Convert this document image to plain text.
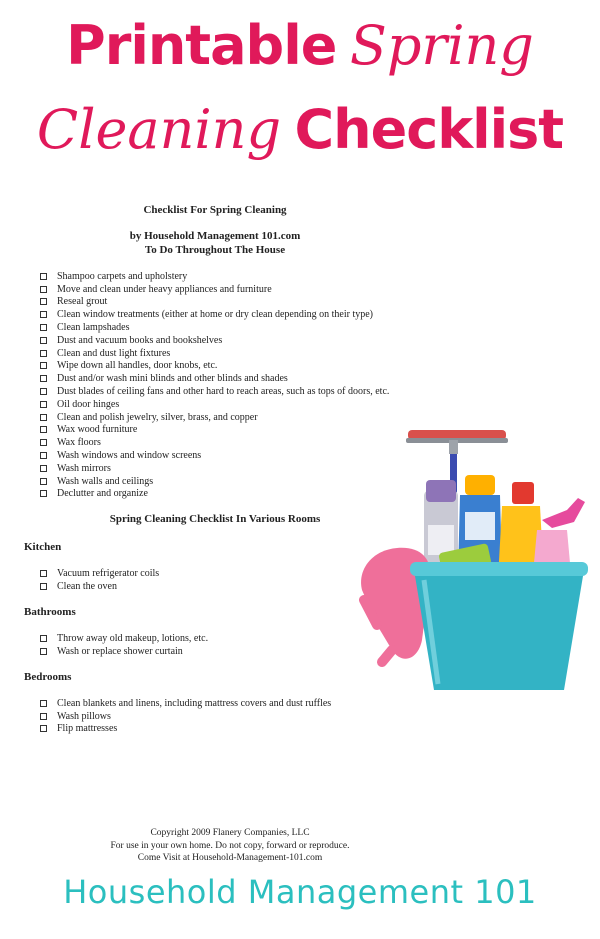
Printable Spring
Cleaning Checklist
Checklist For Spring Cleaning
by Household Management 101.com
To Do Throughout The House
Shampoo carpets and upholstery
Move and clean under heavy appliances and furniture
Reseal grout
Clean window treatments (either at home or dry clean depending on their type)
Clean lampshades
Dust and vacuum books and bookshelves
Clean and dust light fixtures
Wipe down all handles, door knobs, etc.
Dust and/or wash mini blinds and other blinds and shades
Dust blades of ceiling fans and other hard to reach areas, such as tops of doors, etc.
Oil door hinges
Clean and polish jewelry, silver, brass, and copper
Wax wood furniture
Wax floors
Wash windows and window screens
Wash mirrors
Wash walls and ceilings
Declutter and organize
Spring Cleaning Checklist In Various Rooms
Kitchen
Vacuum refrigerator coils
Clean the oven
Bathrooms
Throw away old makeup, lotions, etc.
Wash or replace shower curtain
Bedrooms
Clean blankets and linens, including mattress covers and dust ruffles
Wash pillows
Flip mattresses
Copyright 2009 Flanery Companies, LLC
For use in your own home. Do not copy, forward or reproduce.
Come Visit at Household-Management-101.com
Household Management 101
